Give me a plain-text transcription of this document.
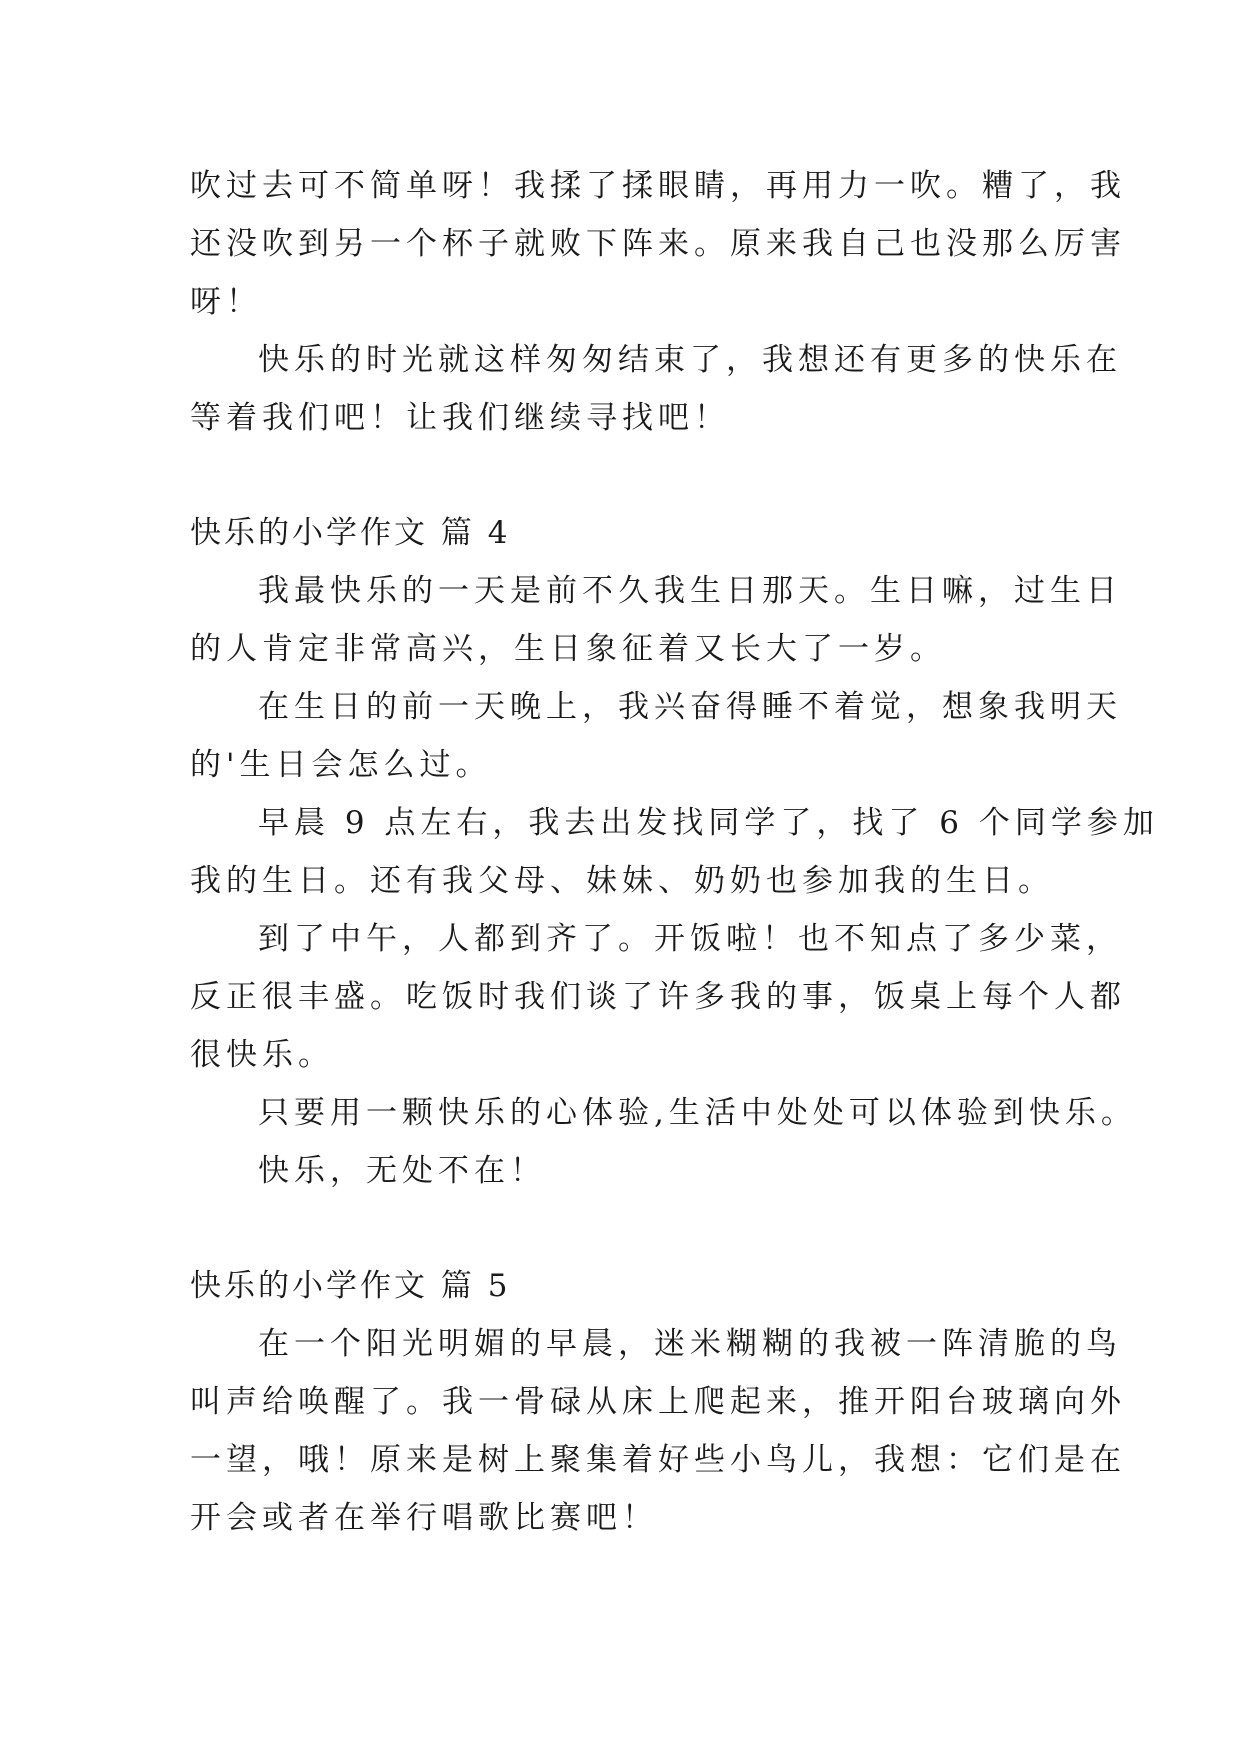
吹过去可不简单呀！我揉了揉眼睛，再用力一吹。糟了，我
还没吹到另一个杯子就败下阵来。原来我自己也没那么厉害
呀！
快乐的时光就这样匆匆结束了，我想还有更多的快乐在
等着我们吧！让我们继续寻找吧！
快乐的小学作文 篇 4
我最快乐的一天是前不久我生日那天。生日嘛，过生日
的人肯定非常高兴，生日象征着又长大了一岁。
在生日的前一天晚上，我兴奋得睡不着觉，想象我明天
的'生日会怎么过。
早晨 9 点左右，我去出发找同学了，找了 6 个同学参加
我的生日。还有我父母、妹妹、奶奶也参加我的生日。
到了中午，人都到齐了。开饭啦！也不知点了多少菜，
反正很丰盛。吃饭时我们谈了许多我的事，饭桌上每个人都
很快乐。
只要用一颗快乐的心体验,生活中处处可以体验到快乐。
快乐，无处不在！
快乐的小学作文 篇 5
在一个阳光明媚的早晨，迷米糊糊的我被一阵清脆的鸟
叫声给唤醒了。我一骨碌从床上爬起来，推开阳台玻璃向外
一望，哦！原来是树上聚集着好些小鸟儿，我想：它们是在
开会或者在举行唱歌比赛吧！
